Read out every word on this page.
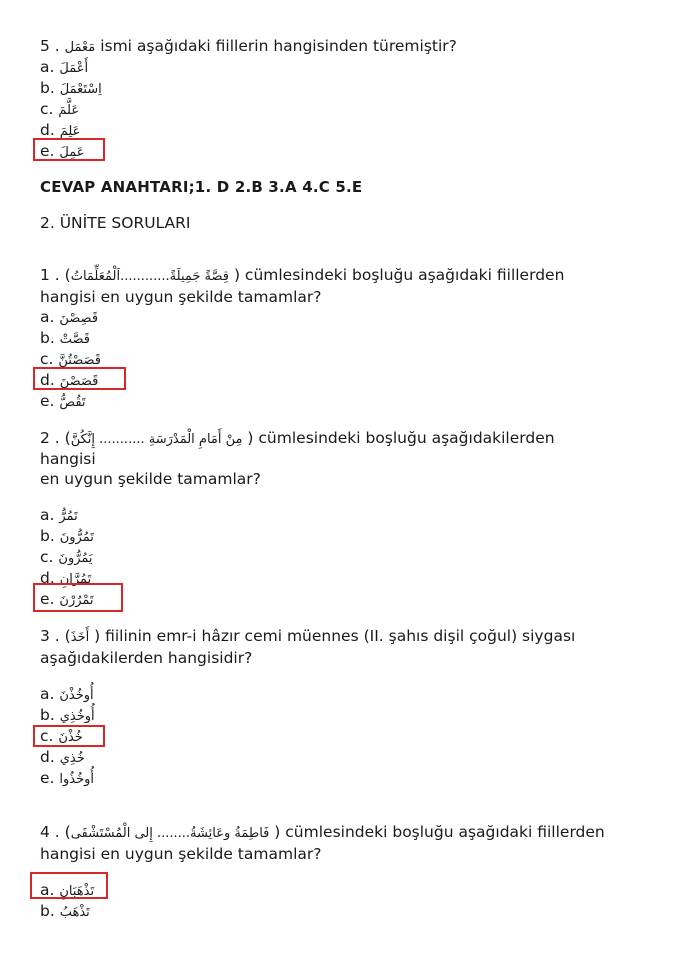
5 . مَعْمَل ismi aşağıdaki fiillerin hangisinden türemiştir?
a. أَعْمَلَ
b. اِسْتَعْمَلَ
c. عَلَّمَ
d. عَلِمَ
e. عَمِلَ
CEVAP ANAHTARI;1. D 2.B 3.A 4.C 5.E
2. ÜNİTE SORULARI
1 . (قِصَّةً جَمِيلَةً............اَلْمُعَلِّمَاتُ ) cümlesindeki boşluğu aşağıdaki fiillerden
hangisi en uygun şekilde tamamlar?
a. قَصِصْنَ
b. قَصَّتْ
c. قَصَصْتُنَّ
d. قَصَصْنَ
e. تَقُصُّ
2 . (مِنْ أَمَامِ الْمَدْرَسَةِ ........... إِنَّكُنَّ ) cümlesindeki boşluğu aşağıdakilerden
hangisi
en uygun şekilde tamamlar?
a. تَمُرُّ
b. تَمُرُّونَ
c. يَمُرُّونَ
d. تَمُرَّانِ
e. تَمْرُرْنَ
3 . (أَخَذَ ) fiilinin emr-i hâzır cemi müennes (II. şahıs dişil çoğul) siygası
aşağıdakilerden hangisidir?
a. أُوخُذْنَ
b. أُوخُذِي
c. خُذْنَ
d. خُذِي
e. أُوخُذُوا
4 . (فَاطِمَةُ وعَائِشَةُ........ إِلى الْمُسْتَشْفَى ) cümlesindeki boşluğu aşağıdaki fiillerden
hangisi en uygun şekilde tamamlar?
a. تَذْهَبَانِ
b. تَذْهَبُ
